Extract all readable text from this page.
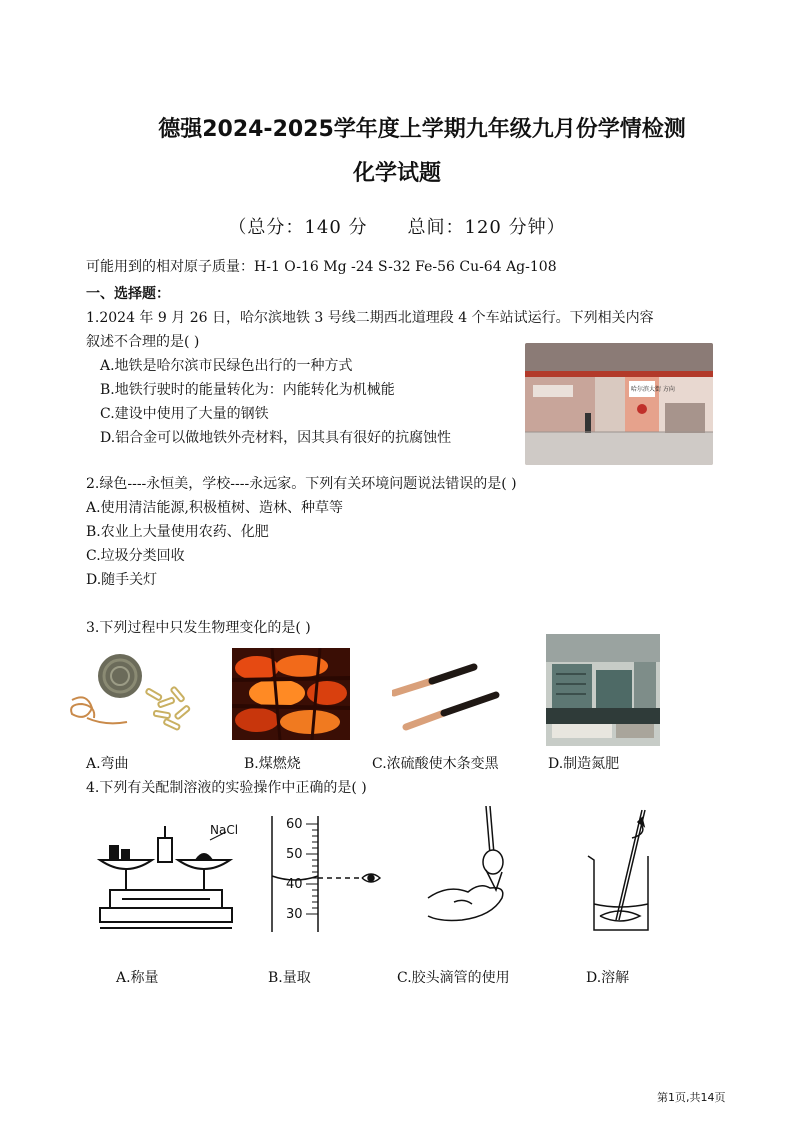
德强2024-2025学年度上学期九年级九月份学情检测
化学试题
（总分：140 分 总间：120 分钟）
可能用到的相对原子质量：H-1 O-16 Mg -24 S-32 Fe-56 Cu-64 Ag-108
一、选择题：
1.2024 年 9 月 26 日，哈尔滨地铁 3 号线二期西北道理段 4 个车站试运行。下列相关内容
叙述不合理的是( )
A.地铁是哈尔滨市民绿色出行的一种方式
B.地铁行驶时的能量转化为：内能转化为机械能
C.建设中使用了大量的钢铁
D.铝合金可以做地铁外壳材料，因其具有很好的抗腐蚀性
哈尔滨大街 方向
2.绿色----永恒美，学校----永远家。下列有关环境问题说法错误的是( )
A.使用清洁能源,积极植树、造林、种草等
B.农业上大量使用农药、化肥
C.垃圾分类回收
D.随手关灯
3.下列过程中只发生物理变化的是( )
A.弯曲	B.煤燃烧	C.浓硫酸使木条变黑	D.制造氮肥
4.下列有关配制溶液的实验操作中正确的是( )
NaCl	60
50
40
30
A.称量	B.量取	C.胶头滴管的使用	D.溶解
第1页,共14页
